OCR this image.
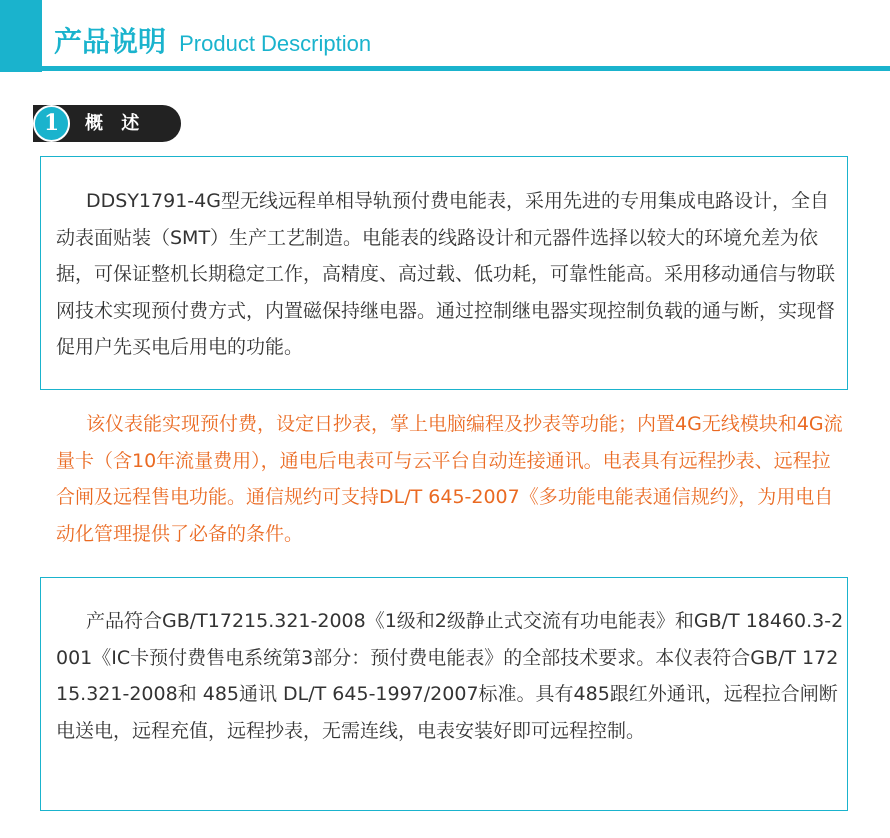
产品说明 Product Description
1	概 述

DDSY1791-4G型无线远程单相导轨预付费电能表，采用先进的专用集成电路设计，全自动表面贴装（SMT）生产工艺制造。电能表的线路设计和元器件选择以较大的环境允差为依据，可保证整机长期稳定工作，高精度、高过载、低功耗，可靠性能高。采用移动通信与物联网技术实现预付费方式，内置磁保持继电器。通过控制继电器实现控制负载的通与断，实现督促用户先买电后用电的功能。

该仪表能实现预付费，设定日抄表，掌上电脑编程及抄表等功能；内置4G无线模块和4G流量卡（含10年流量费用），通电后电表可与云平台自动连接通讯。电表具有远程抄表、远程拉合闸及远程售电功能。通信规约可支持DL/T 645-2007《多功能电能表通信规约》，为用电自动化管理提供了必备的条件。

产品符合GB/T17215.321-2008《1级和2级静止式交流有功电能表》和GB/T 18460.3-2001《IC卡预付费售电系统第3部分：预付费电能表》的全部技术要求。本仪表符合GB/T 17215.321-2008和 485通讯 DL/T 645-1997/2007标准。具有485跟红外通讯，远程拉合闸断电送电，远程充值，远程抄表，无需连线，电表安装好即可远程控制。
